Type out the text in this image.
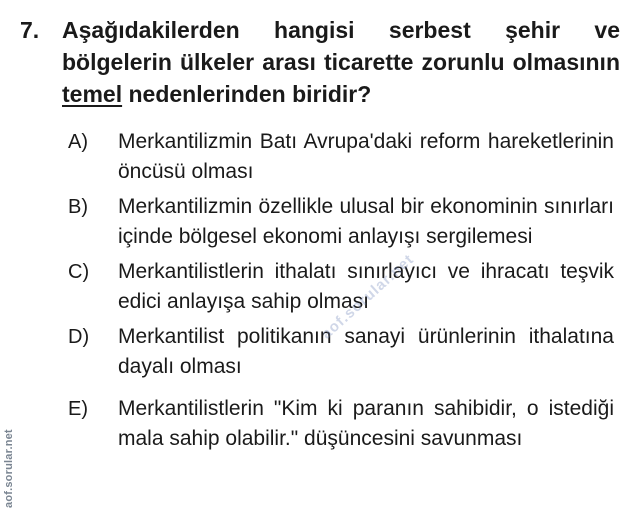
7. Aşağıdakilerden hangisi serbest şehir ve bölgelerin ülkeler arası ticarette zorunlu olmasının temel nedenlerinden biridir?
A)	Merkantilizmin Batı Avrupa'daki reform hareketlerinin öncüsü olması
B)	Merkantilizmin özellikle ulusal bir ekonominin sınırları içinde bölgesel ekonomi anlayışı sergilemesi
C)	Merkantilistlerin ithalatı sınırlayıcı ve ihracatı teşvik edici anlayışa sahip olması
D)	Merkantilist politikanın sanayi ürünlerinin ithalatına dayalı olması
E)	Merkantilistlerin "Kim ki paranın sahibidir, o istediği mala sahip olabilir." düşüncesini savunması
aof.sorular.net
aof.sorular.net
